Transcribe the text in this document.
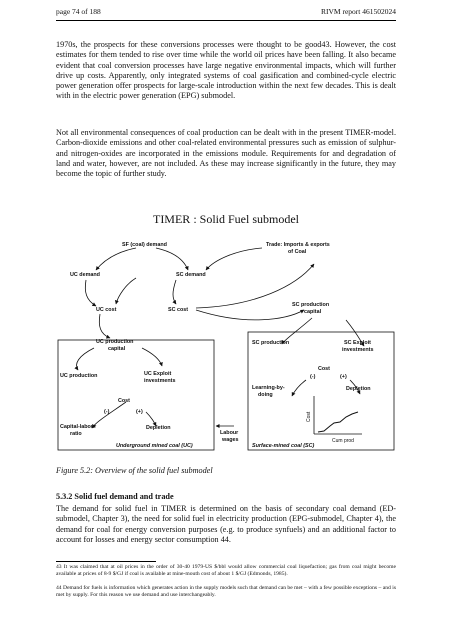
page 74 of 188	RIVM report 461502024

1970s, the prospects for these conversions processes were thought to be good43. However, the cost estimates for them tended to rise over time while the world oil prices have been falling. It also became evident that coal conversion processes have large negative environmental impacts, which will further drive up costs. Apparently, only integrated systems of coal gasification and combined-cycle electric power generation offer prospects for large-scale introduction within the next few decades. This is dealt with in the electric power generation (EPG) submodel.

Not all environmental consequences of coal production can be dealt with in the present TIMER-model. Carbon-dioxide emissions and other coal-related environmental pressures such as emission of sulphur- and nitrogen-oxides are incorporated in the emissions module. Requirements for and degradation of land and water, however, are not included. As these may increase significantly in the future, they may become the topic of further study.

TIMER : Solid Fuel submodel
SF (coal) demand	Trade: Imports & exports
of Coal
UC demand	SC demand
UC cost	SC cost
SC production
capital
UC production
capital
SC production	SC Exploit
investments
UC production	UC Exploit
investments
Cost
(-)	(+)
Learning-by-
doing
Depletion
Cost
(-)	(+)
Capital-labour
ratio
Depletion
Labour
wages
Underground mined coal (UC)	Surface-mined coal (SC)
Cost
Cum prod
Figure 5.2: Overview of the solid fuel submodel
5.3.2 Solid fuel demand and trade

The demand for solid fuel in TIMER is determined on the basis of secondary coal demand (ED-submodel, Chapter 3), the need for solid fuel in electricity production (EPG-submodel, Chapter 4), the demand for coal for energy conversion purposes (e.g. to produce synfuels) and an additional factor to account for losses and energy sector consumption 44.

43 It was claimed that at oil prices in the order of 30-40 1979-US $/bbl would allow commercial coal liquefaction; gas from coal might become available at prices of 8-9 $/GJ if coal is available at mine-mouth cost of about 1 $/GJ (Edmonds, 1985).

44 Demand for fuels is information which generates action in the supply models such that demand can be met – with a few possible exceptions – and is met by supply. For this reason we use demand and use interchangeably.
